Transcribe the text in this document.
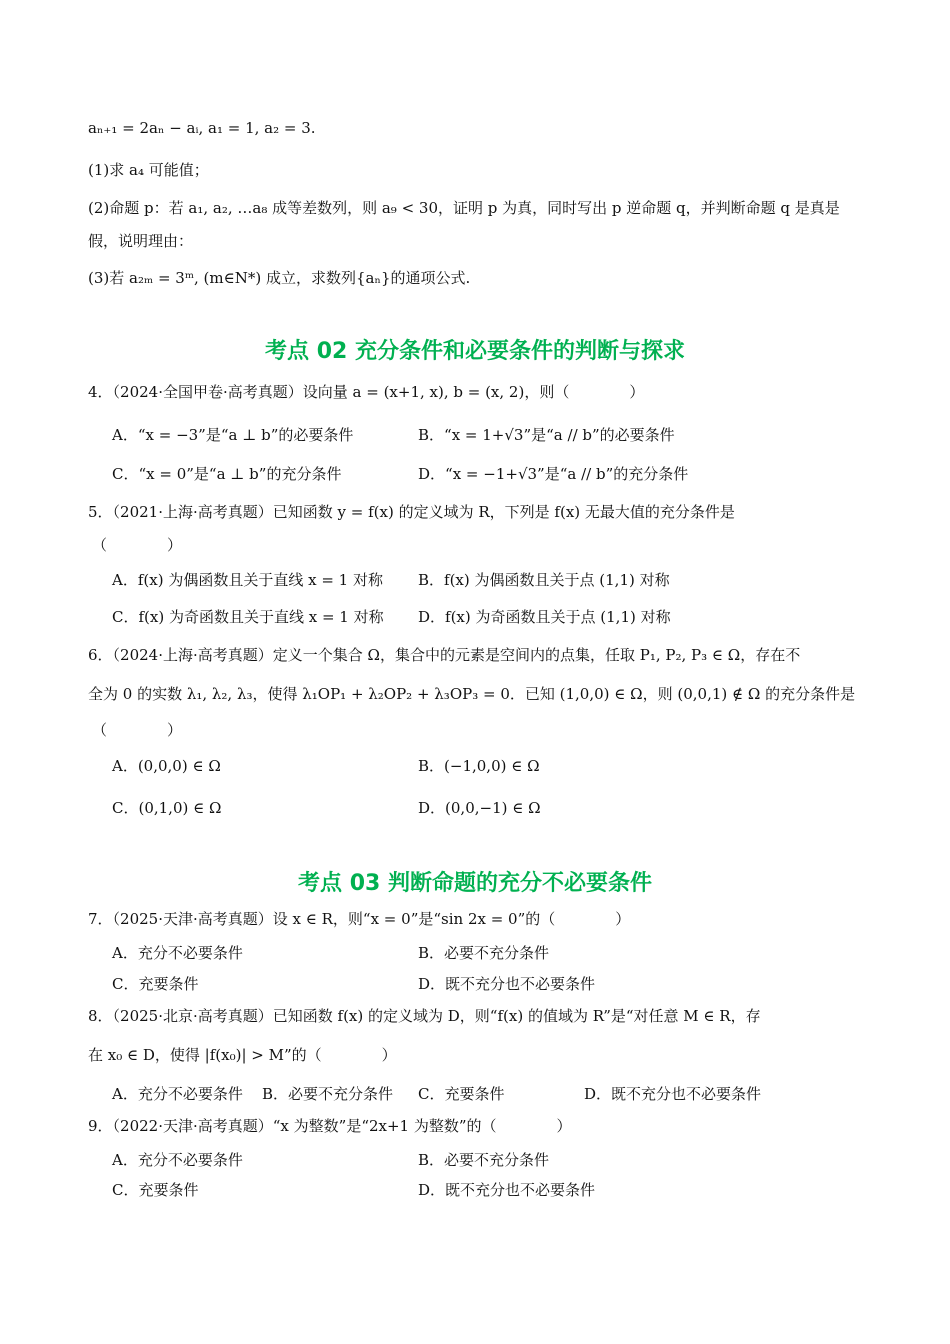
aₙ₊₁ = 2aₙ − aᵢ, a₁ = 1, a₂ = 3.
(1)求 a₄ 可能值；
(2)命题 p：若 a₁, a₂, …a₈ 成等差数列，则 a₉ < 30，证明 p 为真，同时写出 p 逆命题 q，并判断命题 q 是真是
假，说明理由：
(3)若 a₂ₘ = 3ᵐ, (m∈N*) 成立，求数列{aₙ}的通项公式.
考点 02 充分条件和必要条件的判断与探求
4．（2024·全国甲卷·高考真题）设向量 a = (x+1, x), b = (x, 2)，则（　　　　）
A．“x = −3”是“a ⊥ b”的必要条件	B．“x = 1+√3”是“a // b”的必要条件
C．“x = 0”是“a ⊥ b”的充分条件	D．“x = −1+√3”是“a // b”的充分条件
5．（2021·上海·高考真题）已知函数 y = f(x) 的定义域为 R，下列是 f(x) 无最大值的充分条件是
（　　　　）
A．f(x) 为偶函数且关于直线 x = 1 对称 B．f(x) 为偶函数且关于点 (1,1) 对称
C．f(x) 为奇函数且关于直线 x = 1 对称 D．f(x) 为奇函数且关于点 (1,1) 对称
6．（2024·上海·高考真题）定义一个集合 Ω，集合中的元素是空间内的点集，任取 P₁, P₂, P₃ ∈ Ω，存在不
全为 0 的实数 λ₁, λ₂, λ₃，使得 λ₁OP₁ + λ₂OP₂ + λ₃OP₃ = 0．已知 (1,0,0) ∈ Ω，则 (0,0,1) ∉ Ω 的充分条件是
（　　　　）
A．(0,0,0) ∈ Ω	B．(−1,0,0) ∈ Ω
C．(0,1,0) ∈ Ω	D．(0,0,−1) ∈ Ω
考点 03 判断命题的充分不必要条件
7．（2025·天津·高考真题）设 x ∈ R，则“x = 0”是“sin 2x = 0”的（　　　　）
A．充分不必要条件	B．必要不充分条件
C．充要条件	D．既不充分也不必要条件
8．（2025·北京·高考真题）已知函数 f(x) 的定义域为 D，则“f(x) 的值域为 R”是“对任意 M ∈ R，存
在 x₀ ∈ D，使得 |f(x₀)| > M”的（　　　　）
A．充分不必要条件 B．必要不充分条件 C．充要条件	D．既不充分也不必要条件
9．（2022·天津·高考真题）“x 为整数”是“2x+1 为整数”的（　　　　）
A．充分不必要条件	B．必要不充分条件
C．充要条件	D．既不充分也不必要条件
